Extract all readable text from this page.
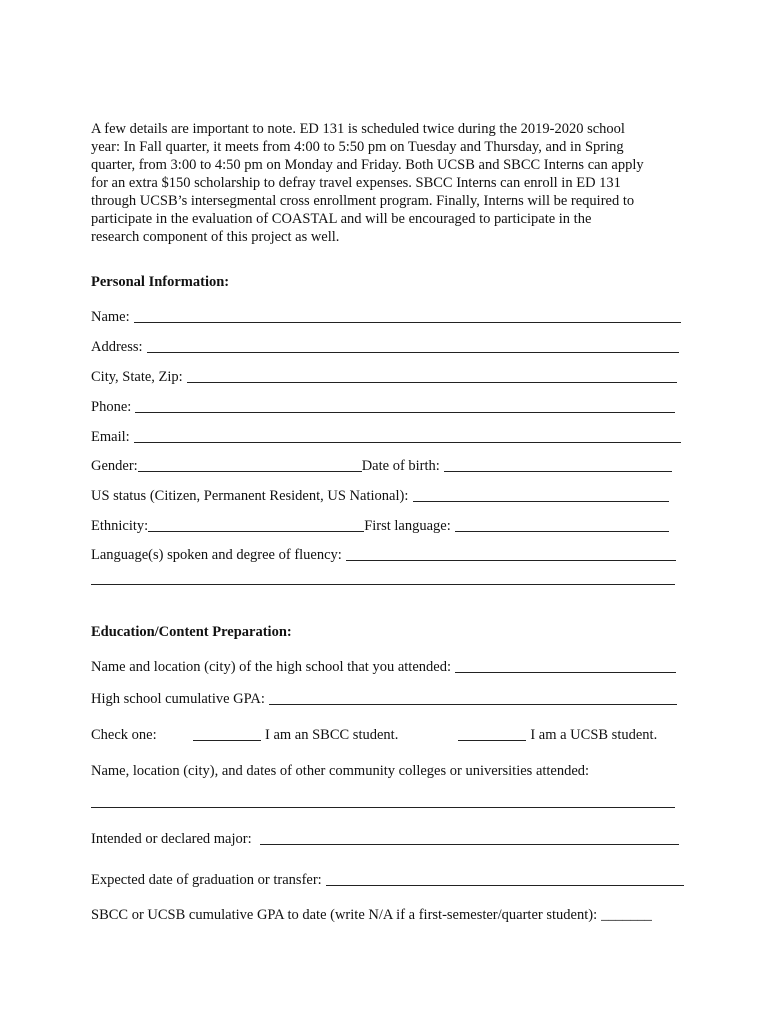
A few details are important to note. ED 131 is scheduled twice during the 2019-2020 school
year: In Fall quarter, it meets from 4:00 to 5:50 pm on Tuesday and Thursday, and in Spring
quarter, from 3:00 to 4:50 pm on Monday and Friday. Both UCSB and SBCC Interns can apply
for an extra $150 scholarship to defray travel expenses. SBCC Interns can enroll in ED 131
through UCSB’s intersegmental cross enrollment program. Finally, Interns will be required to
participate in the evaluation of COASTAL and will be encouraged to participate in the
research component of this project as well.
Personal Information:
Name:
Address:
City, State, Zip:
Phone:
Email:
Gender:	Date of birth:
US status (Citizen, Permanent Resident, US National):
Ethnicity:	First language:
Language(s) spoken and degree of fluency:
Education/Content Preparation:
Name and location (city) of the high school that you attended:
High school cumulative GPA:
Check one:	I am an SBCC student.	I am a UCSB student.
Name, location (city), and dates of other community colleges or universities attended:
Intended or declared major:
Expected date of graduation or transfer:
SBCC or UCSB cumulative GPA to date (write N/A if a first-semester/quarter student): _______
